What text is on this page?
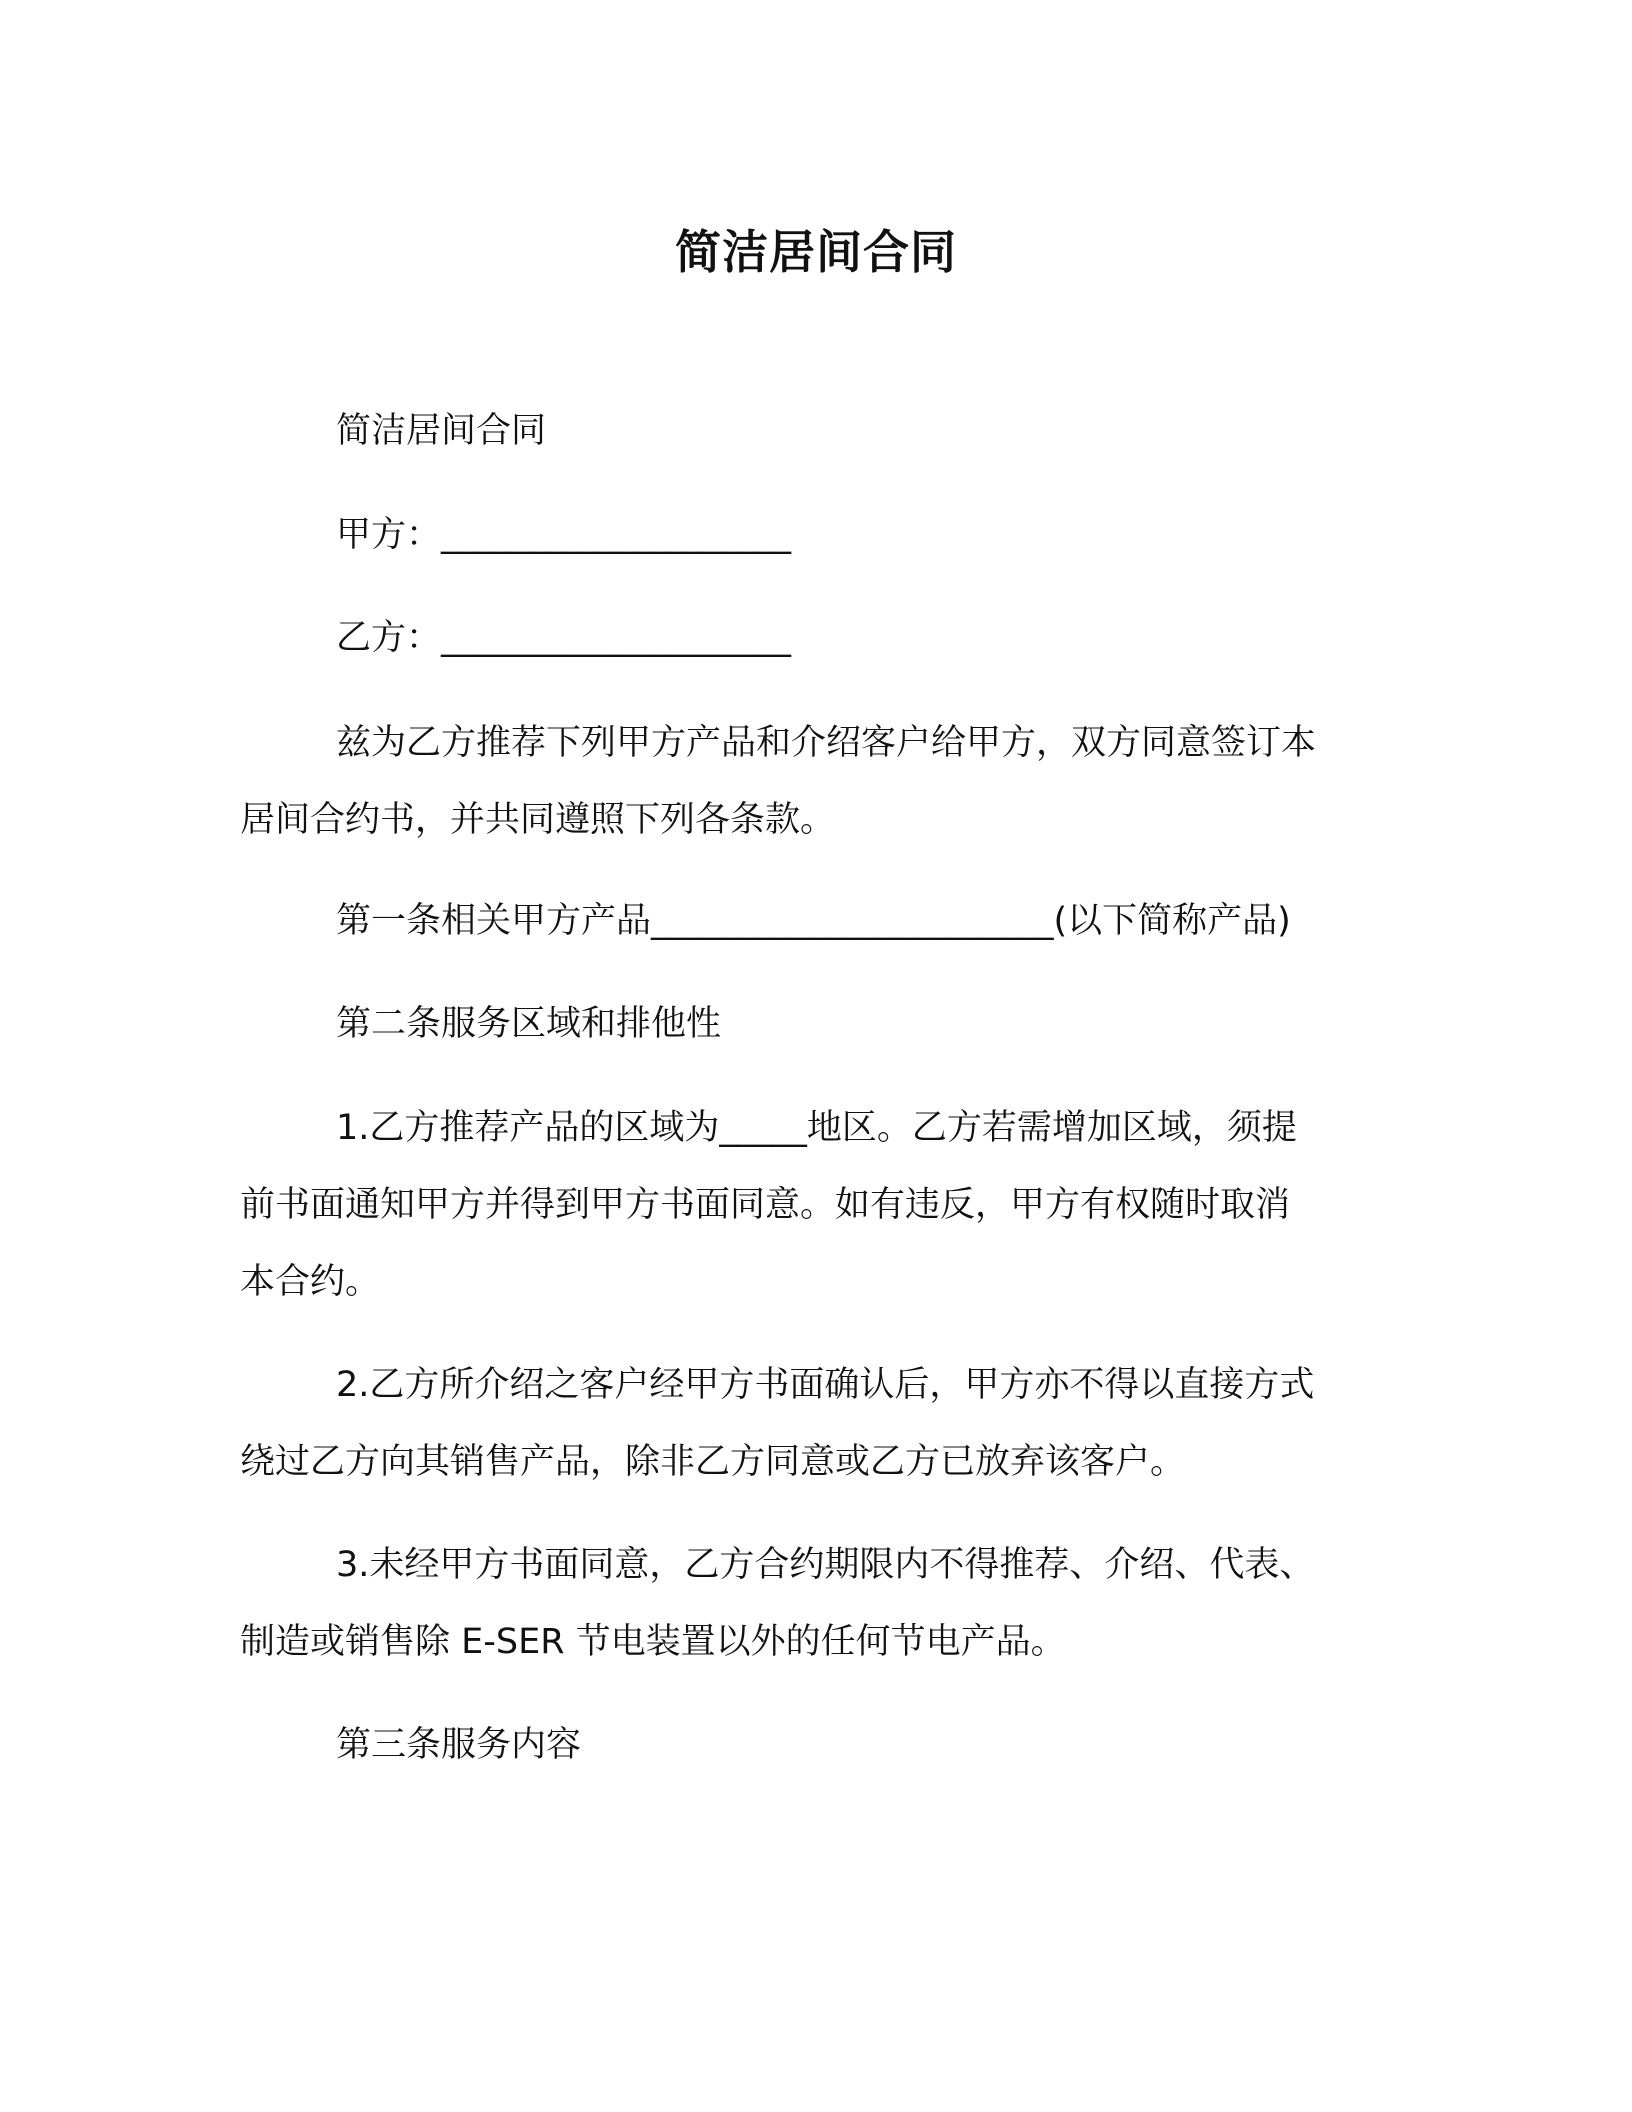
简洁居间合同
简洁居间合同
甲方：____________________
乙方：____________________
兹为乙方推荐下列甲方产品和介绍客户给甲方，双方同意签订本
居间合约书，并共同遵照下列各条款。
第一条相关甲方产品_______________________(以下简称产品)
第二条服务区域和排他性
1.乙方推荐产品的区域为_____地区。乙方若需增加区域，须提
前书面通知甲方并得到甲方书面同意。如有违反，甲方有权随时取消
本合约。
2.乙方所介绍之客户经甲方书面确认后，甲方亦不得以直接方式
绕过乙方向其销售产品，除非乙方同意或乙方已放弃该客户。
3.未经甲方书面同意，乙方合约期限内不得推荐、介绍、代表、
制造或销售除 E-SER 节电装置以外的任何节电产品。
第三条服务内容
